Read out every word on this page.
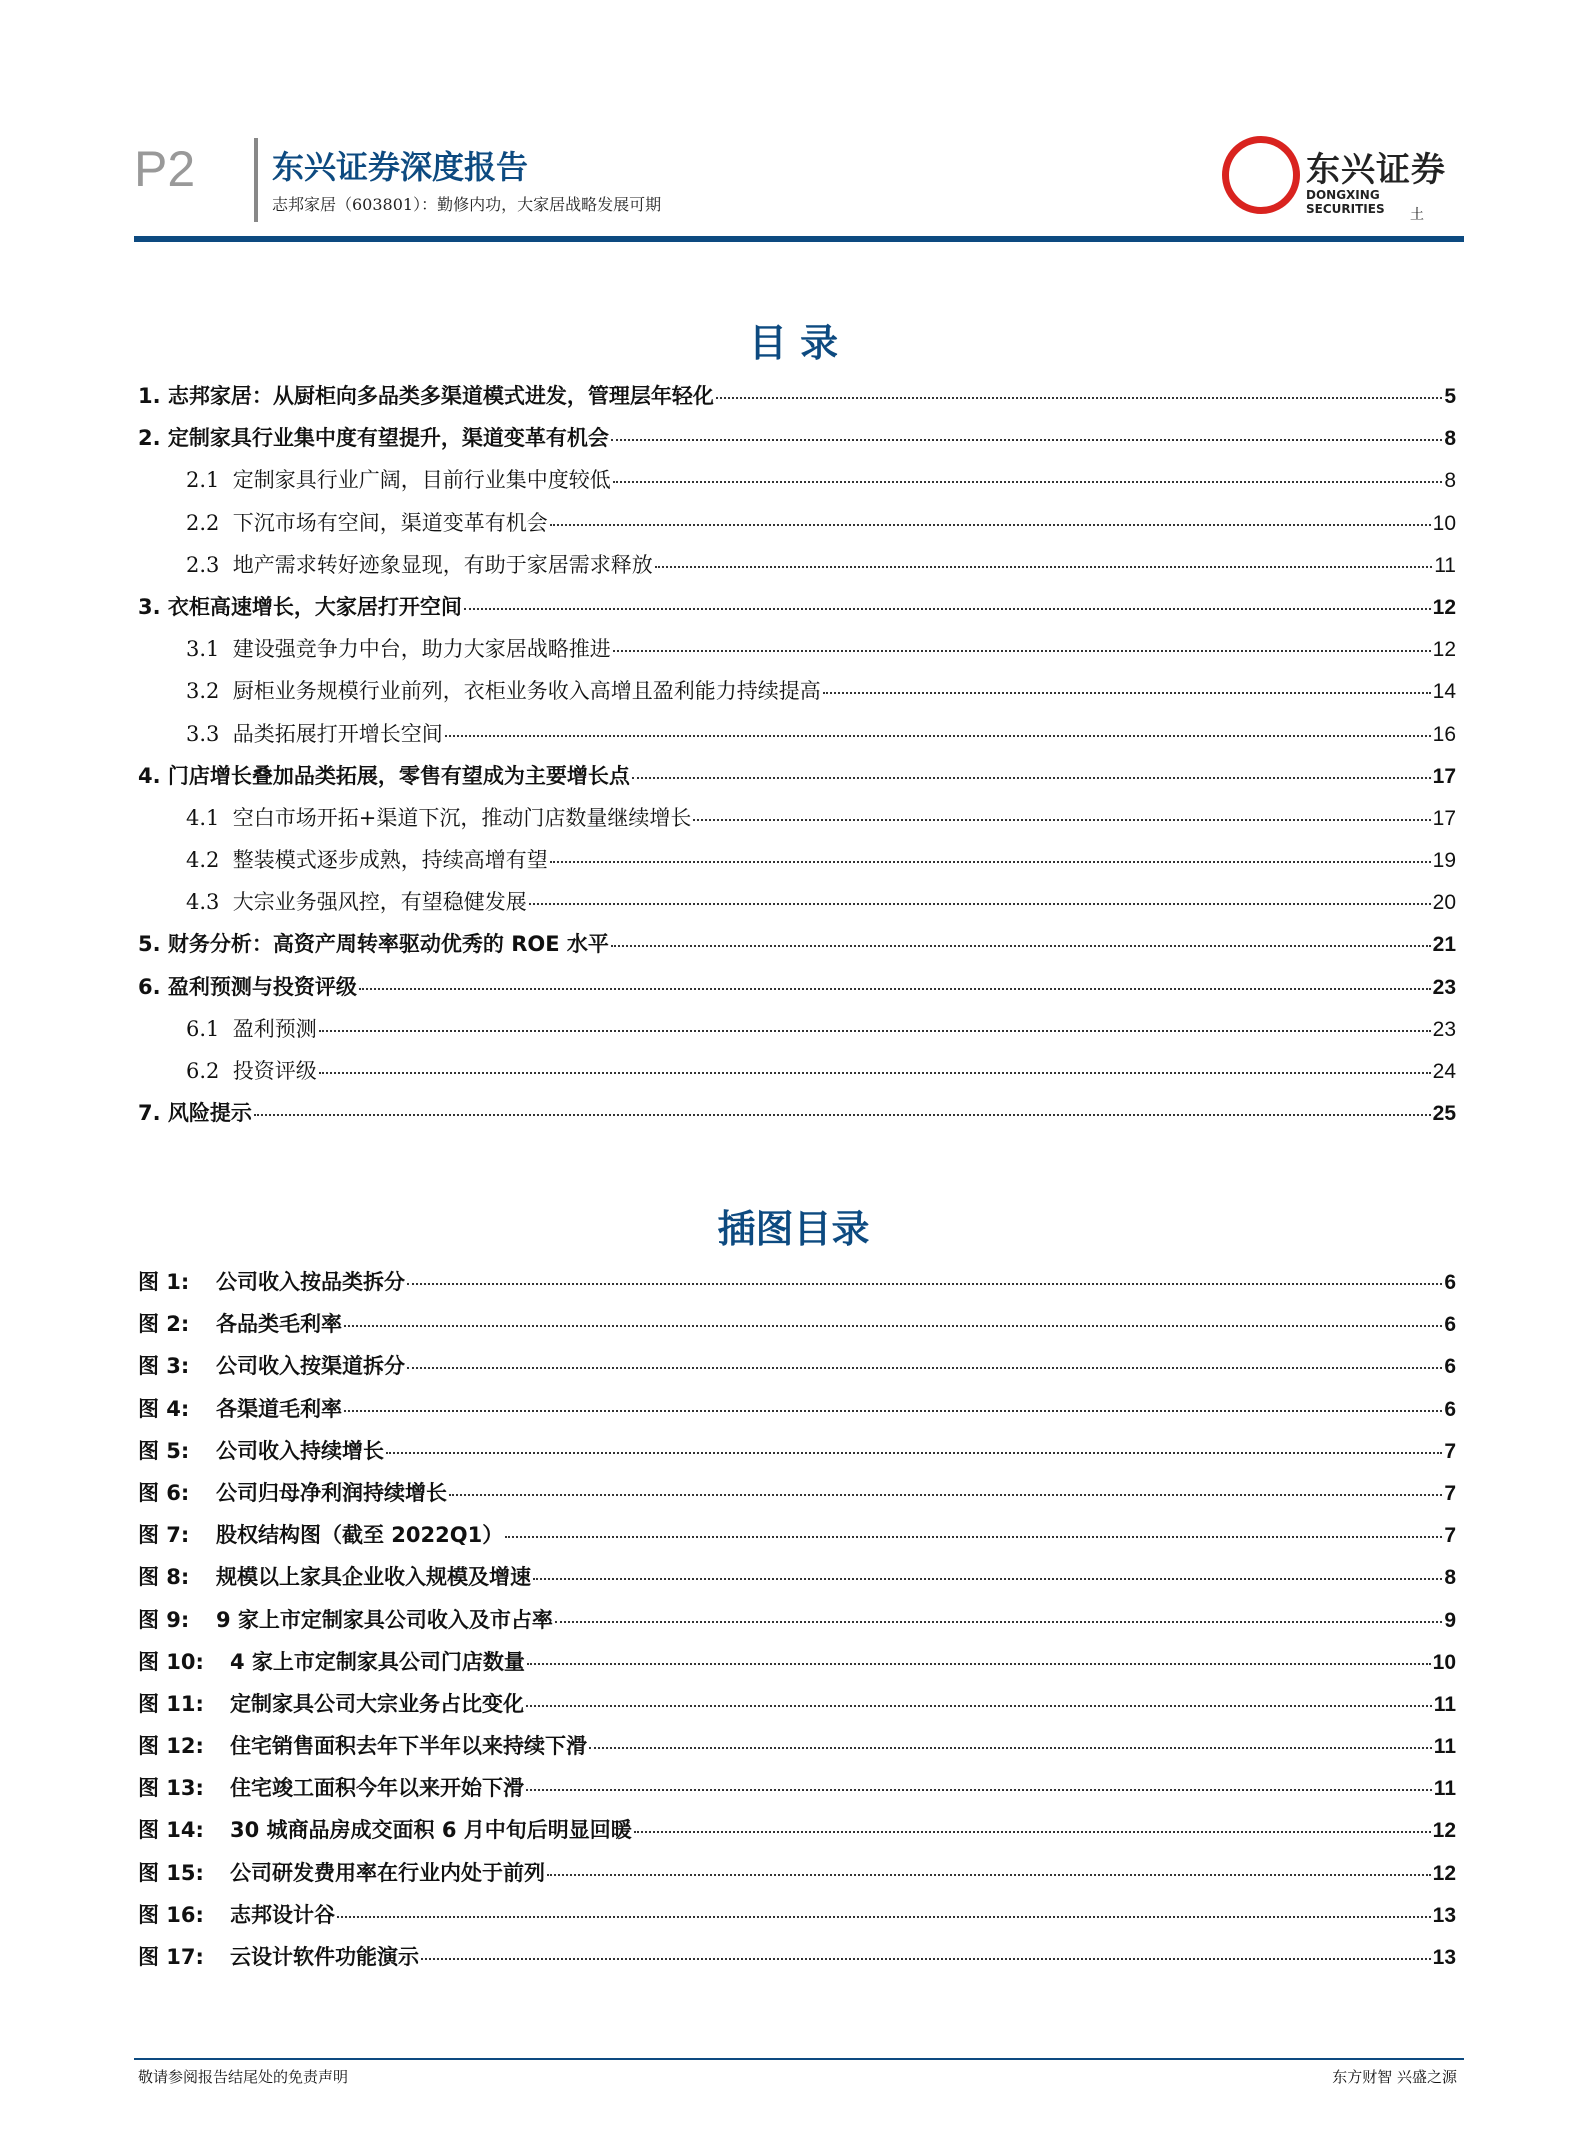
P2 东兴证券深度报告
志邦家居（603801）：勤修内功，大家居战略发展可期
东兴证券
DONGXING SECURITIES	土
目 录
1. 志邦家居：从厨柜向多品类多渠道模式进发，管理层年轻化	5
2. 定制家具行业集中度有望提升，渠道变革有机会	8
2.1  定制家具行业广阔，目前行业集中度较低	8
2.2  下沉市场有空间，渠道变革有机会	10
2.3  地产需求转好迹象显现，有助于家居需求释放	11
3. 衣柜高速增长，大家居打开空间	12
3.1  建设强竞争力中台，助力大家居战略推进	12
3.2  厨柜业务规模行业前列，衣柜业务收入高增且盈利能力持续提高	14
3.3  品类拓展打开增长空间	16
4. 门店增长叠加品类拓展，零售有望成为主要增长点	17
4.1  空白市场开拓+渠道下沉，推动门店数量继续增长	17
4.2  整装模式逐步成熟，持续高增有望	19
4.3  大宗业务强风控，有望稳健发展	20
5. 财务分析：高资产周转率驱动优秀的 ROE 水平	21
6. 盈利预测与投资评级	23
6.1  盈利预测	23
6.2  投资评级	24
7. 风险提示	25
插图目录
图 1:	公司收入按品类拆分	6
图 2:	各品类毛利率	6
图 3:	公司收入按渠道拆分	6
图 4:	各渠道毛利率	6
图 5:	公司收入持续增长	7
图 6:	公司归母净利润持续增长	7
图 7:	股权结构图（截至 2022Q1）	7
图 8:	规模以上家具企业收入规模及增速	8
图 9:	9 家上市定制家具公司收入及市占率	9
图 10:	4 家上市定制家具公司门店数量	10
图 11:	定制家具公司大宗业务占比变化	11
图 12:	住宅销售面积去年下半年以来持续下滑	11
图 13:	住宅竣工面积今年以来开始下滑	11
图 14:	30 城商品房成交面积 6 月中旬后明显回暖	12
图 15:	公司研发费用率在行业内处于前列	12
图 16:	志邦设计谷	13
图 17:	云设计软件功能演示	13
敬请参阅报告结尾处的免责声明	东方财智 兴盛之源
